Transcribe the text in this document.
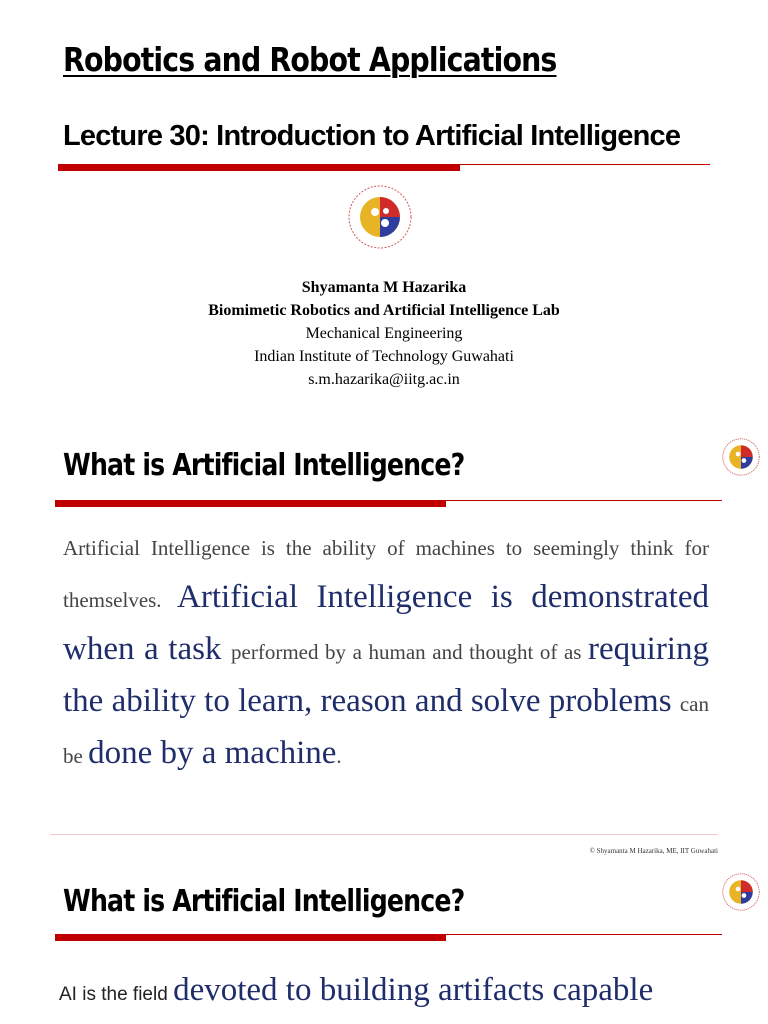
Robotics and Robot Applications
Lecture 30: Introduction to Artificial Intelligence
Shyamanta M Hazarika
Biomimetic Robotics and Artificial Intelligence Lab
Mechanical Engineering
Indian Institute of Technology Guwahati
s.m.hazarika@iitg.ac.in
What is Artificial Intelligence?

Artificial Intelligence is the ability of machines to seemingly think for themselves. Artificial Intelligence is demonstrated when a task performed by a human and thought of as requiring the ability to learn, reason and solve problems can be done by a machine.

© Shyamanta M Hazarika, ME, IIT Guwahati
What is Artificial Intelligence?

AI is the field devoted to building artifacts capable
